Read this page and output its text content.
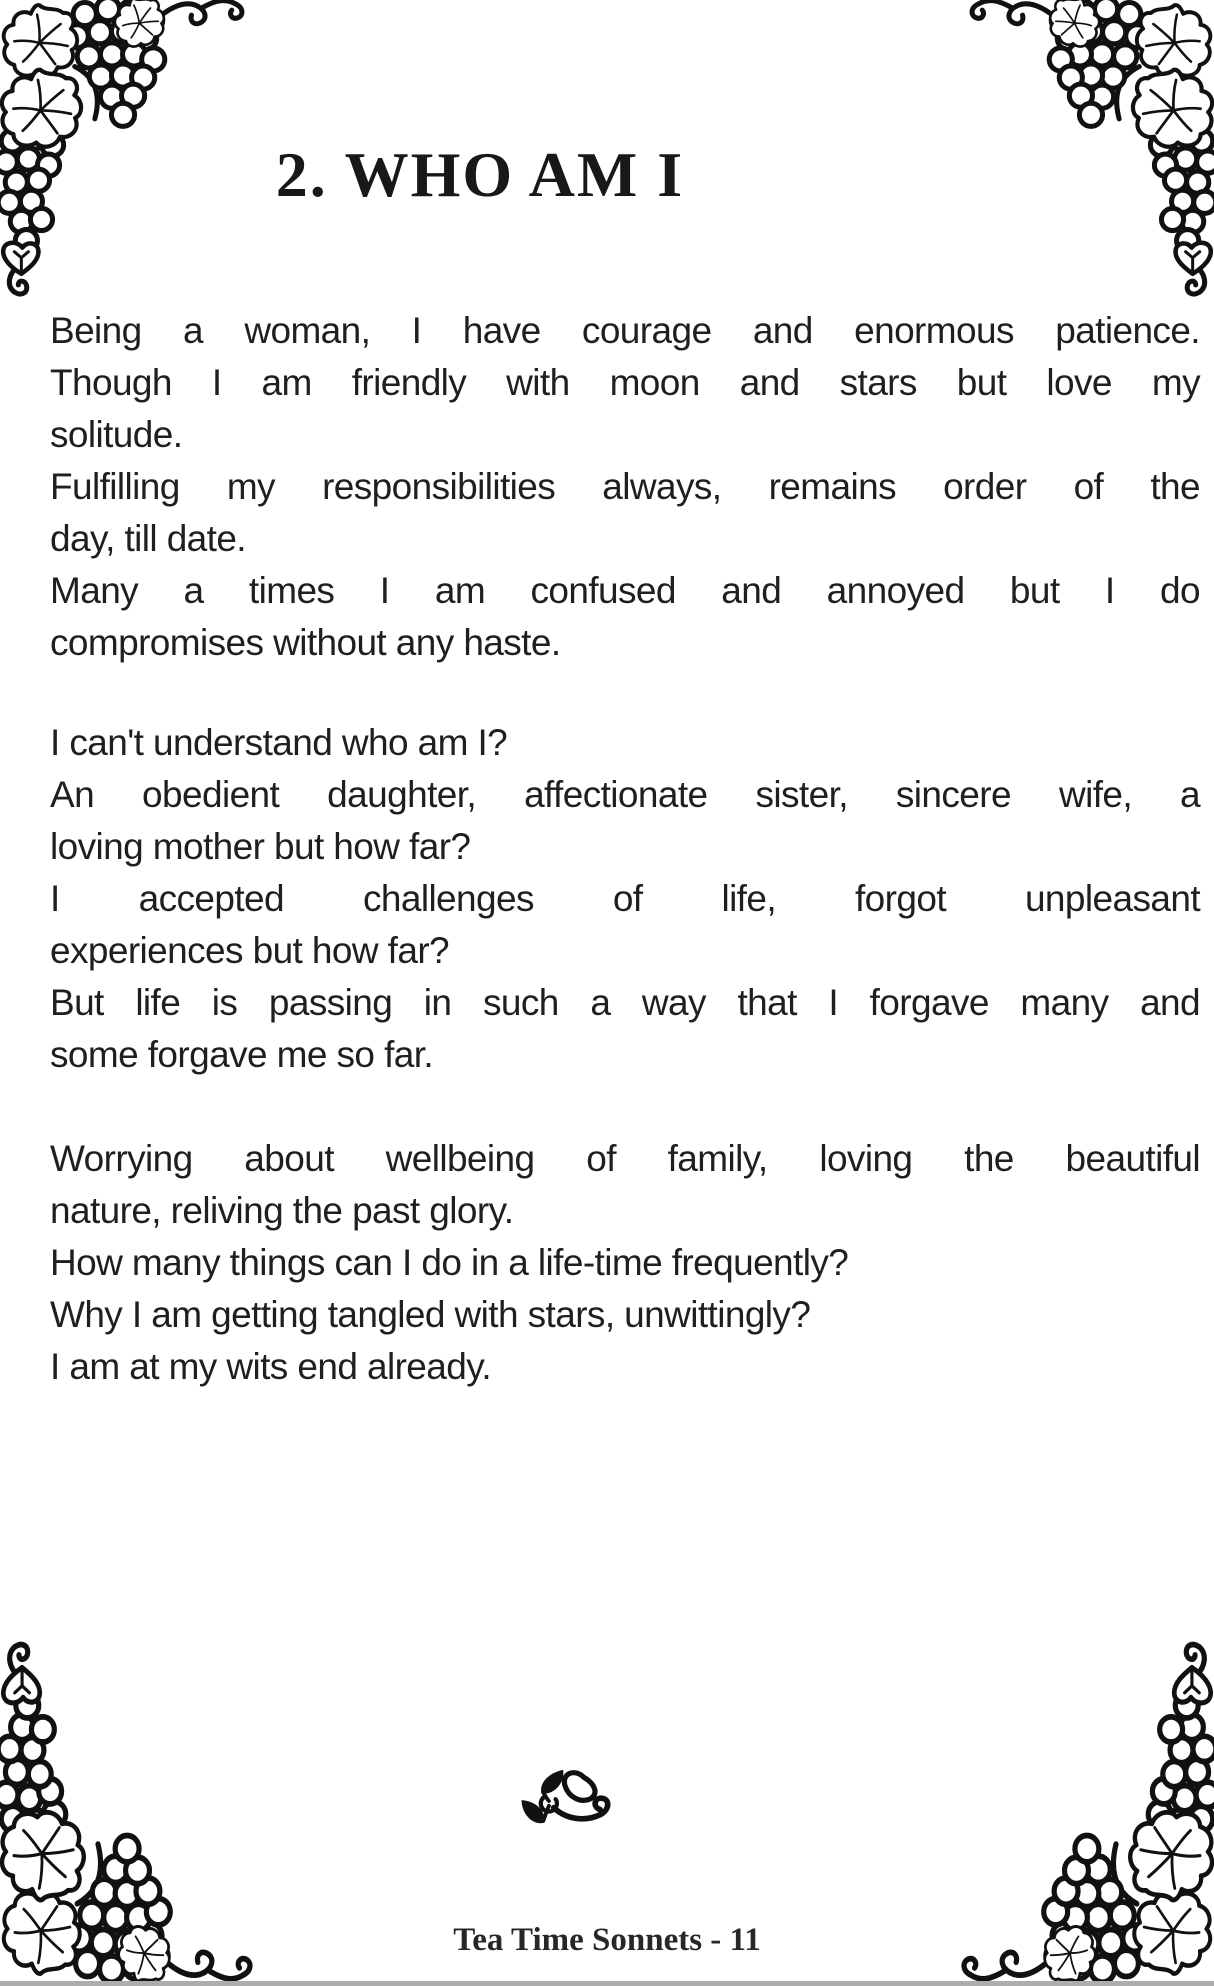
2. WHO AM I
Being a woman, I have courage and enormous patience.
Though I am friendly with moon and stars but love my
solitude.
Fulfilling my responsibilities always, remains order of the
day, till date.
Many a times I am confused and annoyed but I do
compromises without any haste.
I can't understand who am I?
An obedient daughter, affectionate sister, sincere wife, a
loving mother but how far?
I accepted challenges of life, forgot unpleasant
experiences but how far?
But life is passing in such a way that I forgave many and
some forgave me so far.
Worrying about wellbeing of family, loving the beautiful
nature, reliving the past glory.
How many things can I do in a life-time frequently?
Why I am getting tangled with stars, unwittingly?
I am at my wits end already.
Tea Time Sonnets - 11
